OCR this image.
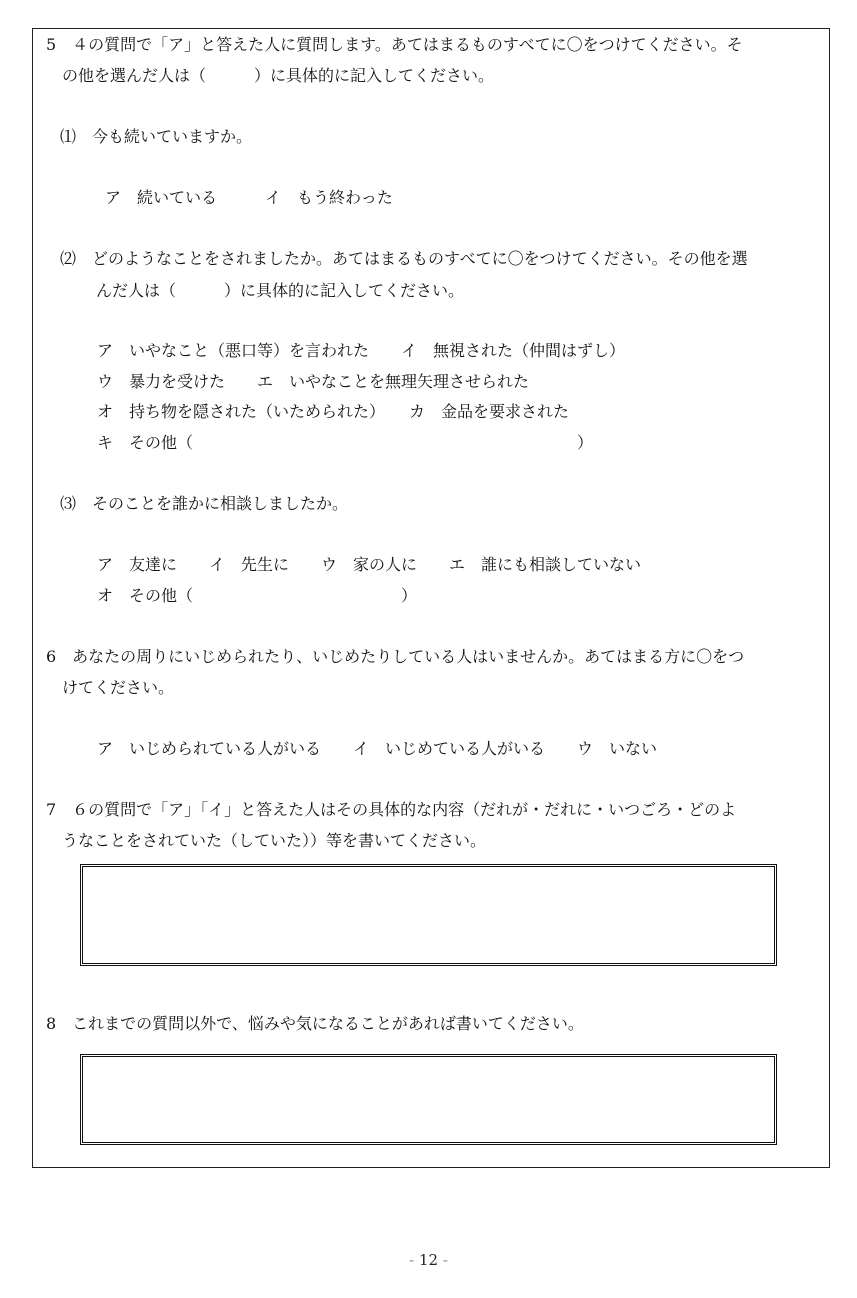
5　４の質問で「ア」と答えた人に質問します。あてはまるものすべてに〇をつけてください。そ
の他を選んだ人は（　　　）に具体的に記入してください。
⑴　今も続いていますか。
ア　続いている　　　イ　もう終わった
⑵　どのようなことをされましたか。あてはまるものすべてに〇をつけてください。その他を選
んだ人は（　　　）に具体的に記入してください。
ア　いやなこと（悪口等）を言われた　　イ　無視された（仲間はずし）
ウ　暴力を受けた　　エ　いやなことを無理矢理させられた
オ　持ち物を隠された（いためられた）　　カ　金品を要求された
キ　その他（　　　　　　　　　　　　　　　　　　　　　　　　）
⑶　そのことを誰かに相談しましたか。
ア　友達に　　イ　先生に　　ウ　家の人に　　エ　誰にも相談していない
オ　その他（　　　　　　　　　　　　　）
6　あなたの周りにいじめられたり、いじめたりしている人はいませんか。あてはまる方に〇をつ
けてください。
ア　いじめられている人がいる　　イ　いじめている人がいる　　ウ　いない
7　６の質問で「ア」「イ」と答えた人はその具体的な内容（だれが・だれに・いつごろ・どのよ
うなことをされていた（していた））等を書いてください。
8　これまでの質問以外で、悩みや気になることがあれば書いてください。
- 12 -
